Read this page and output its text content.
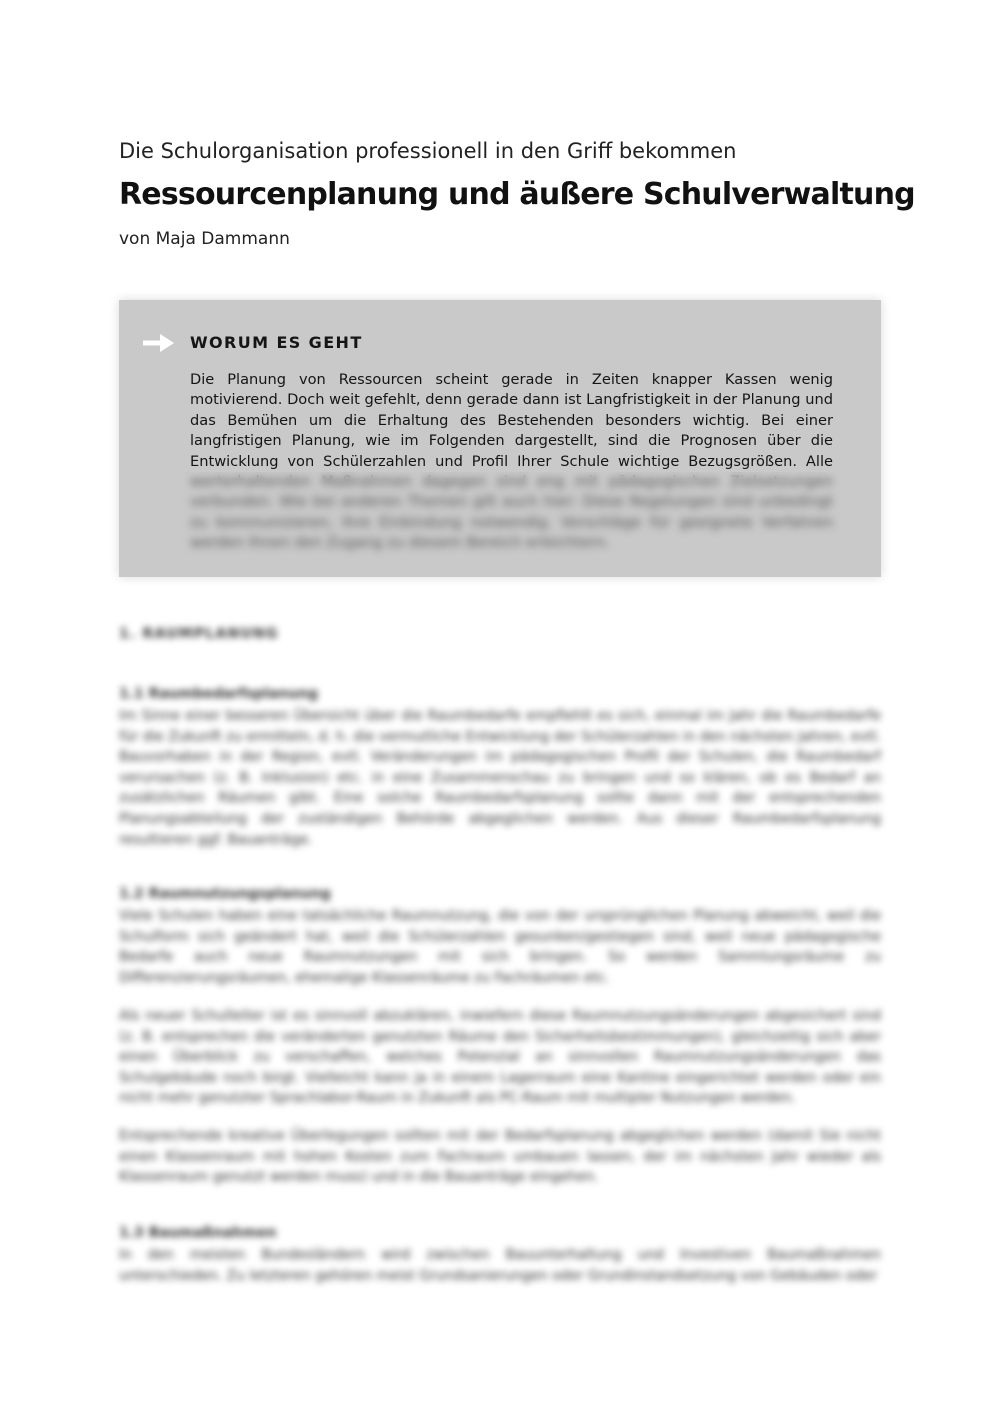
Die Schulorganisation professionell in den Griff bekommen
Ressourcenplanung und äußere Schulverwaltung
von Maja Dammann
WORUM ES GEHT
Die Planung von Ressourcen scheint gerade in Zeiten knapper Kassen wenig motivierend. Doch weit gefehlt, denn gerade dann ist Langfristigkeit in der Planung und das Bemühen um die Erhaltung des Bestehenden besonders wichtig. Bei einer langfristigen Planung, wie im Folgenden dargestellt, sind die Prognosen über die Entwicklung von Schülerzahlen und Profil Ihrer Schule wichtige Bezugsgrößen. Alle werterhaltenden Maßnahmen dagegen sind eng mit pädagogischen Zielsetzungen verbunden. Wie bei anderen Themen gilt auch hier: Diese Regelungen sind unbedingt zu kommunizieren, Ihre Einbindung notwendig. Vorschläge für geeignete Verfahren werden Ihnen den Zugang zu diesem Bereich erleichtern.
1. RAUMPLANUNG
1.1 Raumbedarfsplanung
Im Sinne einer besseren Übersicht über die Raumbedarfe empfiehlt es sich, einmal im Jahr die Raumbedarfe für die Zukunft zu ermitteln, d. h. die vermutliche Entwicklung der Schülerzahlen in den nächsten Jahren, evtl. Bauvorhaben in der Region, evtl. Veränderungen im pädagogischen Profil der Schulen, die Raumbedarf verursachen (z. B. Inklusion) etc. in eine Zusammenschau zu bringen und so klären, ob es Bedarf an zusätzlichen Räumen gibt. Eine solche Raumbedarfsplanung sollte dann mit der entsprechenden Planungsabteilung der zuständigen Behörde abgeglichen werden. Aus dieser Raumbedarfsplanung resultieren ggf. Bauanträge.
1.2 Raumnutzungsplanung
Viele Schulen haben eine tatsächliche Raumnutzung, die von der ursprünglichen Planung abweicht, weil die Schulform sich geändert hat, weil die Schülerzahlen gesunken/gestiegen sind, weil neue pädagogische Bedarfe auch neue Raumnutzungen mit sich bringen. So werden Sammlungsräume zu Differenzierungsräumen, ehemalige Klassenräume zu Fachräumen etc.
Als neuer Schulleiter ist es sinnvoll abzuklären, inwiefern diese Raumnutzungsänderungen abgesichert sind (z. B. entsprechen die veränderten genutzten Räume den Sicherheitsbestimmungen), gleichzeitig sich aber einen Überblick zu verschaffen, welches Potenzial an sinnvollen Raumnutzungsänderungen das Schulgebäude noch birgt. Vielleicht kann ja in einem Lagerraum eine Kantine eingerichtet werden oder ein nicht mehr genutzter Sprachlabor-Raum in Zukunft als PC-Raum mit multipler Nutzungen werden.
Entsprechende kreative Überlegungen sollten mit der Bedarfsplanung abgeglichen werden (damit Sie nicht einen Klassenraum mit hohen Kosten zum Fachraum umbauen lassen, der im nächsten Jahr wieder als Klassenraum genutzt werden muss) und in die Bauanträge eingehen.
1.3 Baumaßnahmen
In den meisten Bundesländern wird zwischen Bauunterhaltung und Investiven Baumaßnahmen unterschieden. Zu letzteren gehören meist Grundsanierungen oder Grundinstandsetzung von Gebäuden oder
